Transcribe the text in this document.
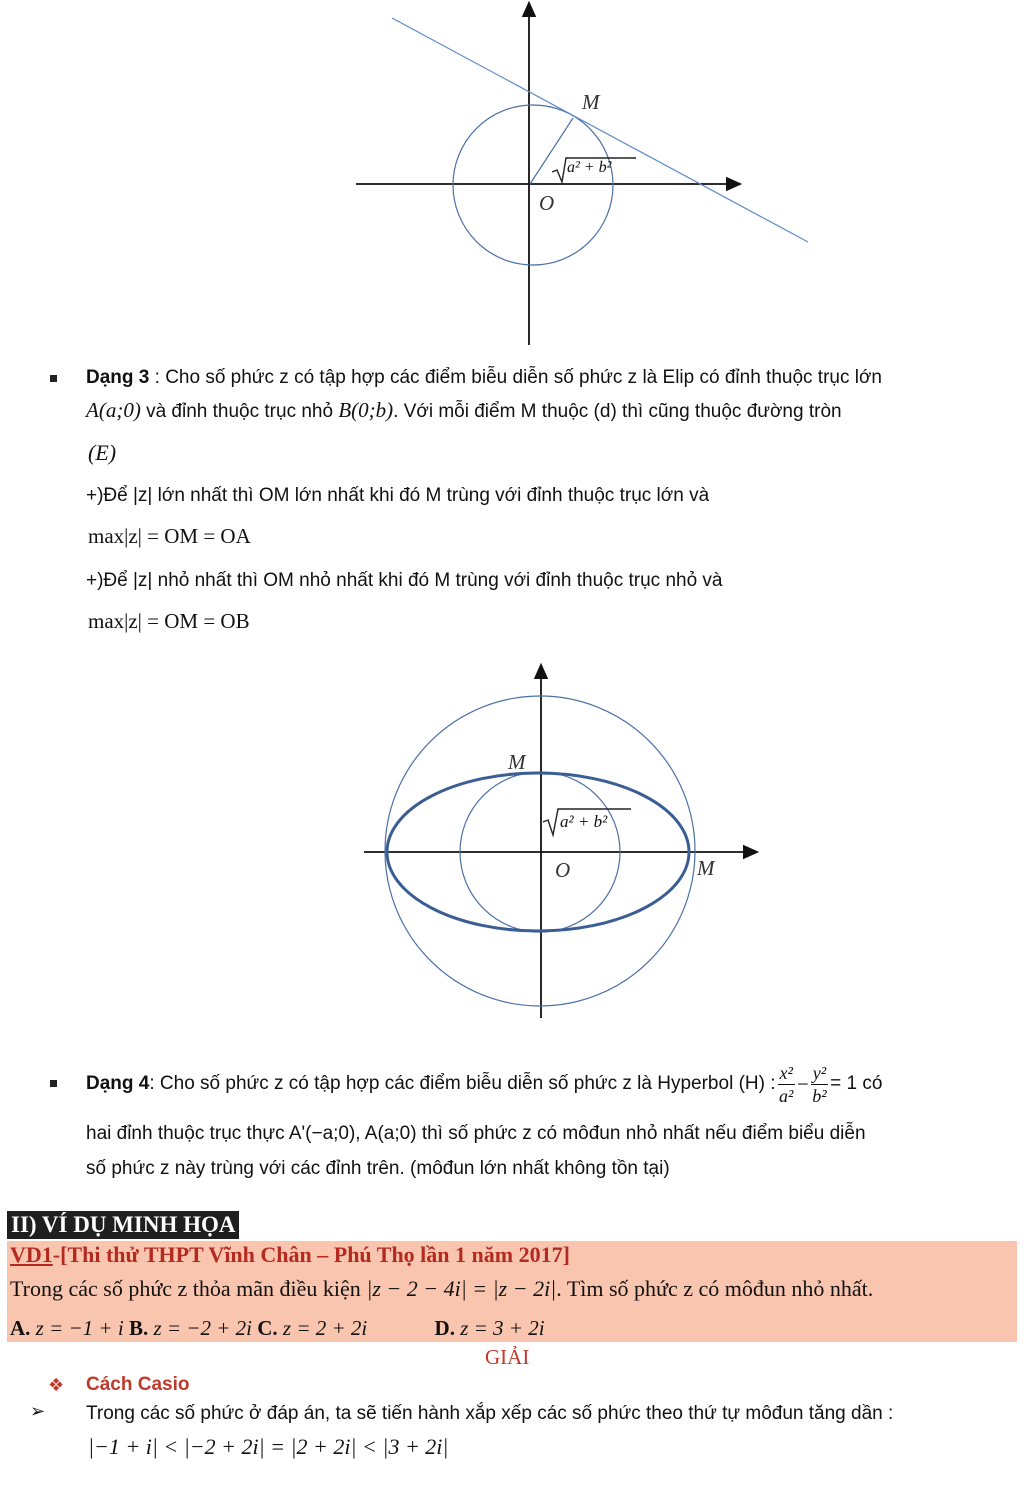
M
O
a² + b²
Dạng 3 : Cho số phức z có tập hợp các điểm biễu diễn số phức z là Elip có đỉnh thuộc trục lớn
A(a;0) và đỉnh thuộc trục nhỏ B(0;b). Với mỗi điểm M thuộc (d) thì cũng thuộc đường tròn
(E)
+)Để |z| lớn nhất thì OM lớn nhất khi đó M trùng với đỉnh thuộc trục lớn và
max|z| = OM = OA
+)Để |z| nhỏ nhất thì OM nhỏ nhất khi đó M trùng với đỉnh thuộc trục nhỏ và
max|z| = OM = OB
M
M
O
a² + b²
Dạng 4 : Cho số phức z có tập hợp các điểm biễu diễn số phức z là Hyperbol (H) : $\frac{\text{x²}}{\text{a²}} - \frac{\text{y²}}{\text{b²}} = 1$ có
hai đỉnh thuộc trục thực A'(−a;0), A(a;0) thì số phức z có môđun nhỏ nhất nếu điểm biểu diễn
số phức z này trùng với các đỉnh trên. (môđun lớn nhất không tồn tại)
II) VÍ DỤ MINH HỌA
VD1-[Thi thử THPT Vĩnh Chân – Phú Thọ lần 1 năm 2017]
Trong các số phức z thỏa mãn điều kiện |z − 2 − 4i| = |z − 2i|. Tìm số phức z có môđun nhỏ nhất.
A. z = −1 + i B. z = −2 + 2i C. z = 2 + 2i	D. z = 3 + 2i
GIẢI
❖ Cách Casio
➢ Trong các số phức ở đáp án, ta sẽ tiến hành xắp xếp các số phức theo thứ tự môđun tăng dần :
|−1 + i| < |−2 + 2i| = |2 + 2i| < |3 + 2i|
